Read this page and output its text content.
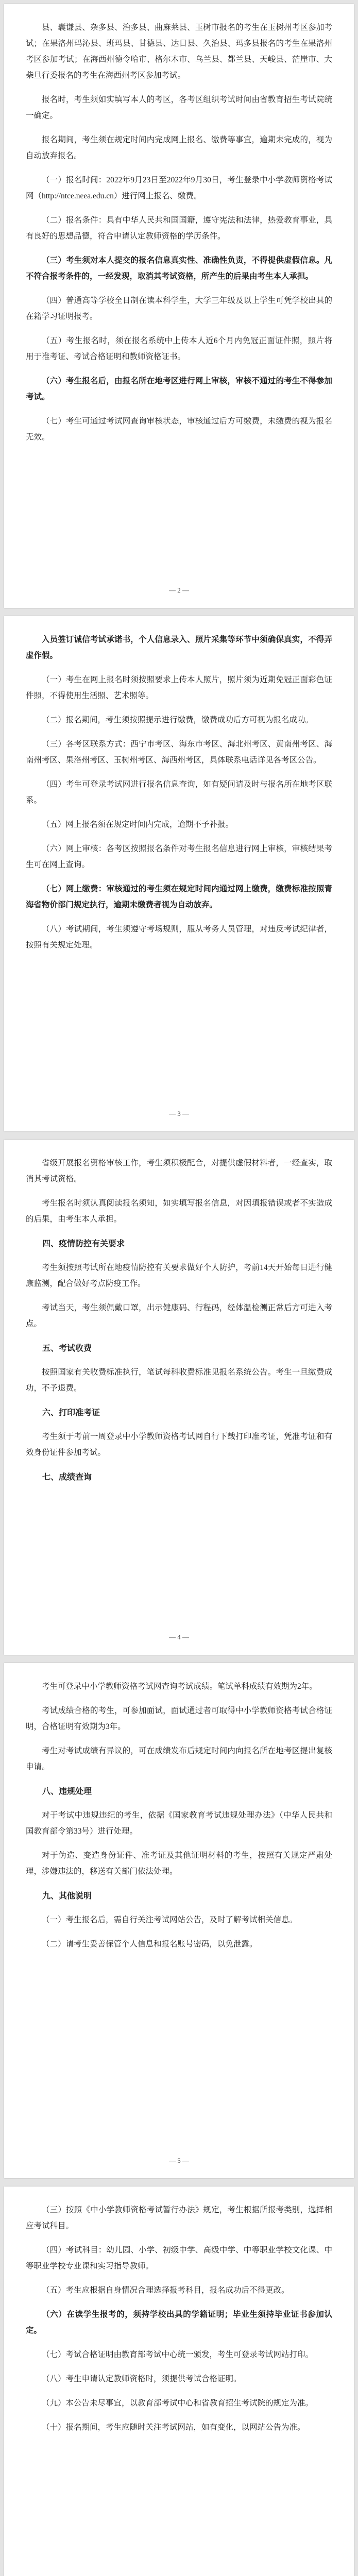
县、囊谦县、杂多县、治多县、曲麻莱县、玉树市报名的考生在玉树州考区参加考试；在果洛州玛沁县、班玛县、甘德县、达日县、久治县、玛多县报名的考生在果洛州考区参加考试；在海西州德令哈市、格尔木市、乌兰县、都兰县、天峻县、茫崖市、大柴旦行委报名的考生在海西州考区参加考试。

报名时，考生须如实填写本人的考区，各考区组织考试时间由省教育招生考试院统一确定。

报名期间，考生须在规定时间内完成网上报名、缴费等事宜，逾期未完成的，视为自动放弃报名。

（一）报名时间：2022年9月23日至2022年9月30日，考生登录中小学教师资格考试网（http://ntce.neea.edu.cn）进行网上报名、缴费。

（二）报名条件：具有中华人民共和国国籍，遵守宪法和法律，热爱教育事业，具有良好的思想品德，符合申请认定教师资格的学历条件。

（三）考生须对本人提交的报名信息真实性、准确性负责，不得提供虚假信息。凡不符合报考条件的，一经发现，取消其考试资格，所产生的后果由考生本人承担。

（四）普通高等学校全日制在读本科学生，大学三年级及以上学生可凭学校出具的在籍学习证明报考。

（五）考生报名时，须在报名系统中上传本人近6个月内免冠正面证件照，照片将用于准考证、考试合格证明和教师资格证书。

（六）考生报名后，由报名所在地考区进行网上审核，审核不通过的考生不得参加考试。

（七）考生可通过考试网查询审核状态，审核通过后方可缴费，未缴费的视为报名无效。

— 2 —

入员签订诚信考试承诺书，个人信息录入、照片采集等环节中须确保真实，不得弄虚作假。

（一）考生在网上报名时须按照要求上传本人照片，照片须为近期免冠正面彩色证件照，不得使用生活照、艺术照等。

（二）报名期间，考生须按照提示进行缴费，缴费成功后方可视为报名成功。

（三）各考区联系方式：西宁市考区、海东市考区、海北州考区、黄南州考区、海南州考区、果洛州考区、玉树州考区、海西州考区，具体联系电话详见各考区公告。

（四）考生可登录考试网进行报名信息查询，如有疑问请及时与报名所在地考区联系。

（五）网上报名须在规定时间内完成，逾期不予补报。

（六）网上审核：各考区按照报名条件对考生报名信息进行网上审核，审核结果考生可在网上查询。

（七）网上缴费：审核通过的考生须在规定时间内通过网上缴费，缴费标准按照青海省物价部门规定执行，逾期未缴费者视为自动放弃。

（八）考试期间，考生须遵守考场规则，服从考务人员管理，对违反考试纪律者，按照有关规定处理。

— 3 —

省级开展报名资格审核工作，考生须积极配合，对提供虚假材料者，一经查实，取消其考试资格。

考生报名时须认真阅读报名须知，如实填写报名信息，对因填报错误或者不实造成的后果，由考生本人承担。

四、疫情防控有关要求

考生须按照考试所在地疫情防控有关要求做好个人防护，考前14天开始每日进行健康监测，配合做好考点防疫工作。

考试当天，考生须佩戴口罩，出示健康码、行程码，经体温检测正常后方可进入考点。

五、考试收费

按照国家有关收费标准执行，笔试每科收费标准见报名系统公告。考生一旦缴费成功，不予退费。

六、打印准考证

考生须于考前一周登录中小学教师资格考试网自行下载打印准考证，凭准考证和有效身份证件参加考试。

七、成绩查询
— 4 —

考生可登录中小学教师资格考试网查询考试成绩。笔试单科成绩有效期为2年。

考试成绩合格的考生，可参加面试，面试通过者可取得中小学教师资格考试合格证明，合格证明有效期为3年。

考生对考试成绩有异议的，可在成绩发布后规定时间内向报名所在地考区提出复核申请。

八、违规处理

对于考试中违规违纪的考生，依据《国家教育考试违规处理办法》（中华人民共和国教育部令第33号）进行处理。

对于伪造、变造身份证件、准考证及其他证明材料的考生，按照有关规定严肃处理，涉嫌违法的，移送有关部门依法处理。

九、其他说明

（一）考生报名后，需自行关注考试网站公告，及时了解考试相关信息。

（二）请考生妥善保管个人信息和报名账号密码，以免泄露。

— 5 —

（三）按照《中小学教师资格考试暂行办法》规定，考生根据所报考类别，选择相应考试科目。

（四）考试科目：幼儿园、小学、初级中学、高级中学、中等职业学校文化课、中等职业学校专业课和实习指导教师。

（五）考生应根据自身情况合理选择报考科目，报名成功后不得更改。

（六）在读学生报考的，须持学校出具的学籍证明；毕业生须持毕业证书参加认定。

（七）考试合格证明由教育部考试中心统一颁发，考生可登录考试网站打印。

（八）考生申请认定教师资格时，须提供考试合格证明。

（九）本公告未尽事宜，以教育部考试中心和省教育招生考试院的规定为准。

（十）报名期间，考生应随时关注考试网站，如有变化，以网站公告为准。
